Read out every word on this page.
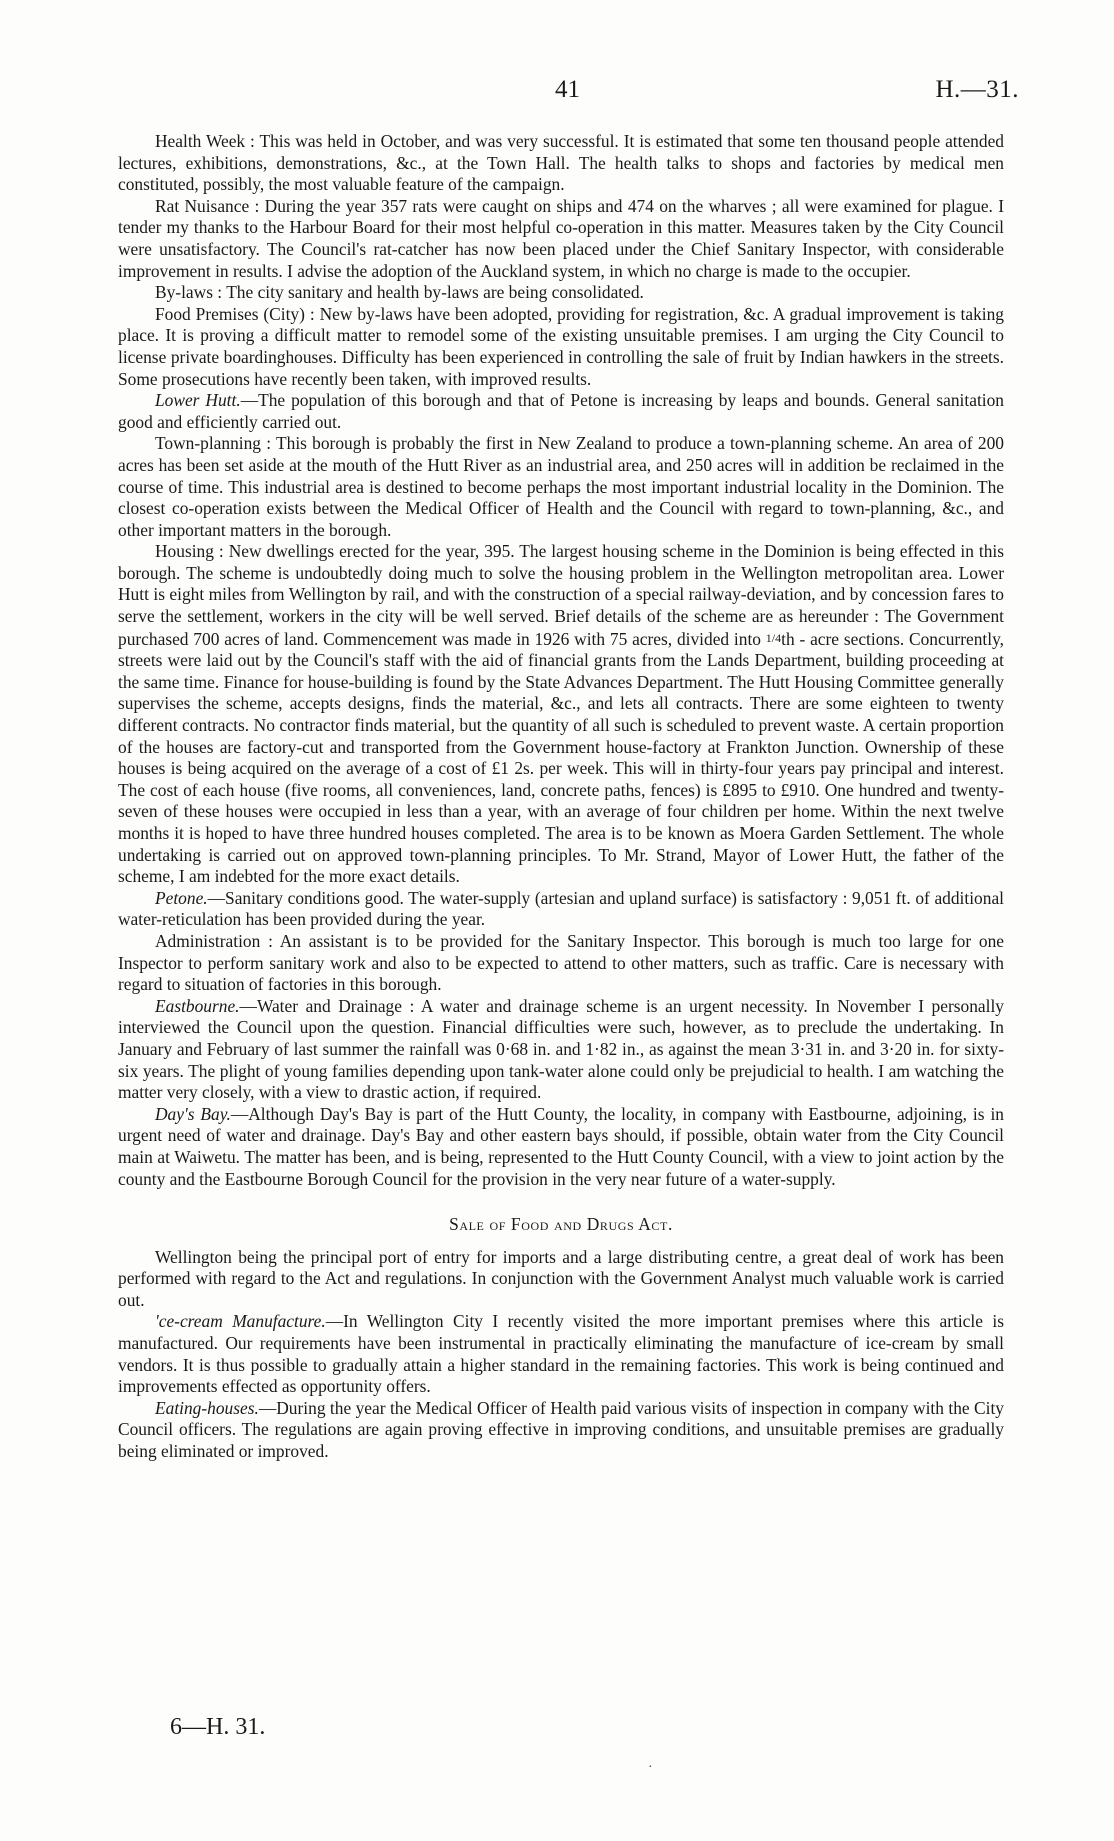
41	H.—31.

Health Week : This was held in October, and was very successful. It is estimated that some ten thousand people attended lectures, exhibitions, demonstrations, &c., at the Town Hall. The health talks to shops and factories by medical men constituted, possibly, the most valuable feature of the campaign.

Rat Nuisance : During the year 357 rats were caught on ships and 474 on the wharves ; all were examined for plague. I tender my thanks to the Harbour Board for their most helpful co-operation in this matter. Measures taken by the City Council were unsatisfactory. The Council's rat-catcher has now been placed under the Chief Sanitary Inspector, with considerable improvement in results. I advise the adoption of the Auckland system, in which no charge is made to the occupier.

By-laws : The city sanitary and health by-laws are being consolidated.

Food Premises (City) : New by-laws have been adopted, providing for registration, &c. A gradual improvement is taking place. It is proving a difficult matter to remodel some of the existing unsuitable premises. I am urging the City Council to license private boardinghouses. Difficulty has been experienced in controlling the sale of fruit by Indian hawkers in the streets. Some prosecutions have recently been taken, with improved results.

Lower Hutt.—The population of this borough and that of Petone is increasing by leaps and bounds. General sanitation good and efficiently carried out.

Town-planning : This borough is probably the first in New Zealand to produce a town-planning scheme. An area of 200 acres has been set aside at the mouth of the Hutt River as an industrial area, and 250 acres will in addition be reclaimed in the course of time. This industrial area is destined to become perhaps the most important industrial locality in the Dominion. The closest co-operation exists between the Medical Officer of Health and the Council with regard to town-planning, &c., and other important matters in the borough.

Housing : New dwellings erected for the year, 395. The largest housing scheme in the Dominion is being effected in this borough. The scheme is undoubtedly doing much to solve the housing problem in the Wellington metropolitan area. Lower Hutt is eight miles from Wellington by rail, and with the construction of a special railway-deviation, and by concession fares to serve the settlement, workers in the city will be well served. Brief details of the scheme are as hereunder : The Government purchased 700 acres of land. Commencement was made in 1926 with 75 acres, divided into 1/4th - acre sections. Concurrently, streets were laid out by the Council's staff with the aid of financial grants from the Lands Department, building proceeding at the same time. Finance for house-building is found by the State Advances Department. The Hutt Housing Committee generally supervises the scheme, accepts designs, finds the material, &c., and lets all contracts. There are some eighteen to twenty different contracts. No contractor finds material, but the quantity of all such is scheduled to prevent waste. A certain proportion of the houses are factory-cut and transported from the Government house-factory at Frankton Junction. Ownership of these houses is being acquired on the average of a cost of £1 2s. per week. This will in thirty-four years pay principal and interest. The cost of each house (five rooms, all conveniences, land, concrete paths, fences) is £895 to £910. One hundred and twenty-seven of these houses were occupied in less than a year, with an average of four children per home. Within the next twelve months it is hoped to have three hundred houses completed. The area is to be known as Moera Garden Settlement. The whole undertaking is carried out on approved town-planning principles. To Mr. Strand, Mayor of Lower Hutt, the father of the scheme, I am indebted for the more exact details.

Petone.—Sanitary conditions good. The water-supply (artesian and upland surface) is satisfactory : 9,051 ft. of additional water-reticulation has been provided during the year.

Administration : An assistant is to be provided for the Sanitary Inspector. This borough is much too large for one Inspector to perform sanitary work and also to be expected to attend to other matters, such as traffic. Care is necessary with regard to situation of factories in this borough.

Eastbourne.—Water and Drainage : A water and drainage scheme is an urgent necessity. In November I personally interviewed the Council upon the question. Financial difficulties were such, however, as to preclude the undertaking. In January and February of last summer the rainfall was 0·68 in. and 1·82 in., as against the mean 3·31 in. and 3·20 in. for sixty-six years. The plight of young families depending upon tank-water alone could only be prejudicial to health. I am watching the matter very closely, with a view to drastic action, if required.

Day's Bay.—Although Day's Bay is part of the Hutt County, the locality, in company with Eastbourne, adjoining, is in urgent need of water and drainage. Day's Bay and other eastern bays should, if possible, obtain water from the City Council main at Waiwetu. The matter has been, and is being, represented to the Hutt County Council, with a view to joint action by the county and the Eastbourne Borough Council for the provision in the very near future of a water-supply.

Sale of Food and Drugs Act.

Wellington being the principal port of entry for imports and a large distributing centre, a great deal of work has been performed with regard to the Act and regulations. In conjunction with the Government Analyst much valuable work is carried out.

'ce-cream Manufacture.—In Wellington City I recently visited the more important premises where this article is manufactured. Our requirements have been instrumental in practically eliminating the manufacture of ice-cream by small vendors. It is thus possible to gradually attain a higher standard in the remaining factories. This work is being continued and improvements effected as opportunity offers.

Eating-houses.—During the year the Medical Officer of Health paid various visits of inspection in company with the City Council officers. The regulations are again proving effective in improving conditions, and unsuitable premises are gradually being eliminated or improved.

6—H. 31.
·
